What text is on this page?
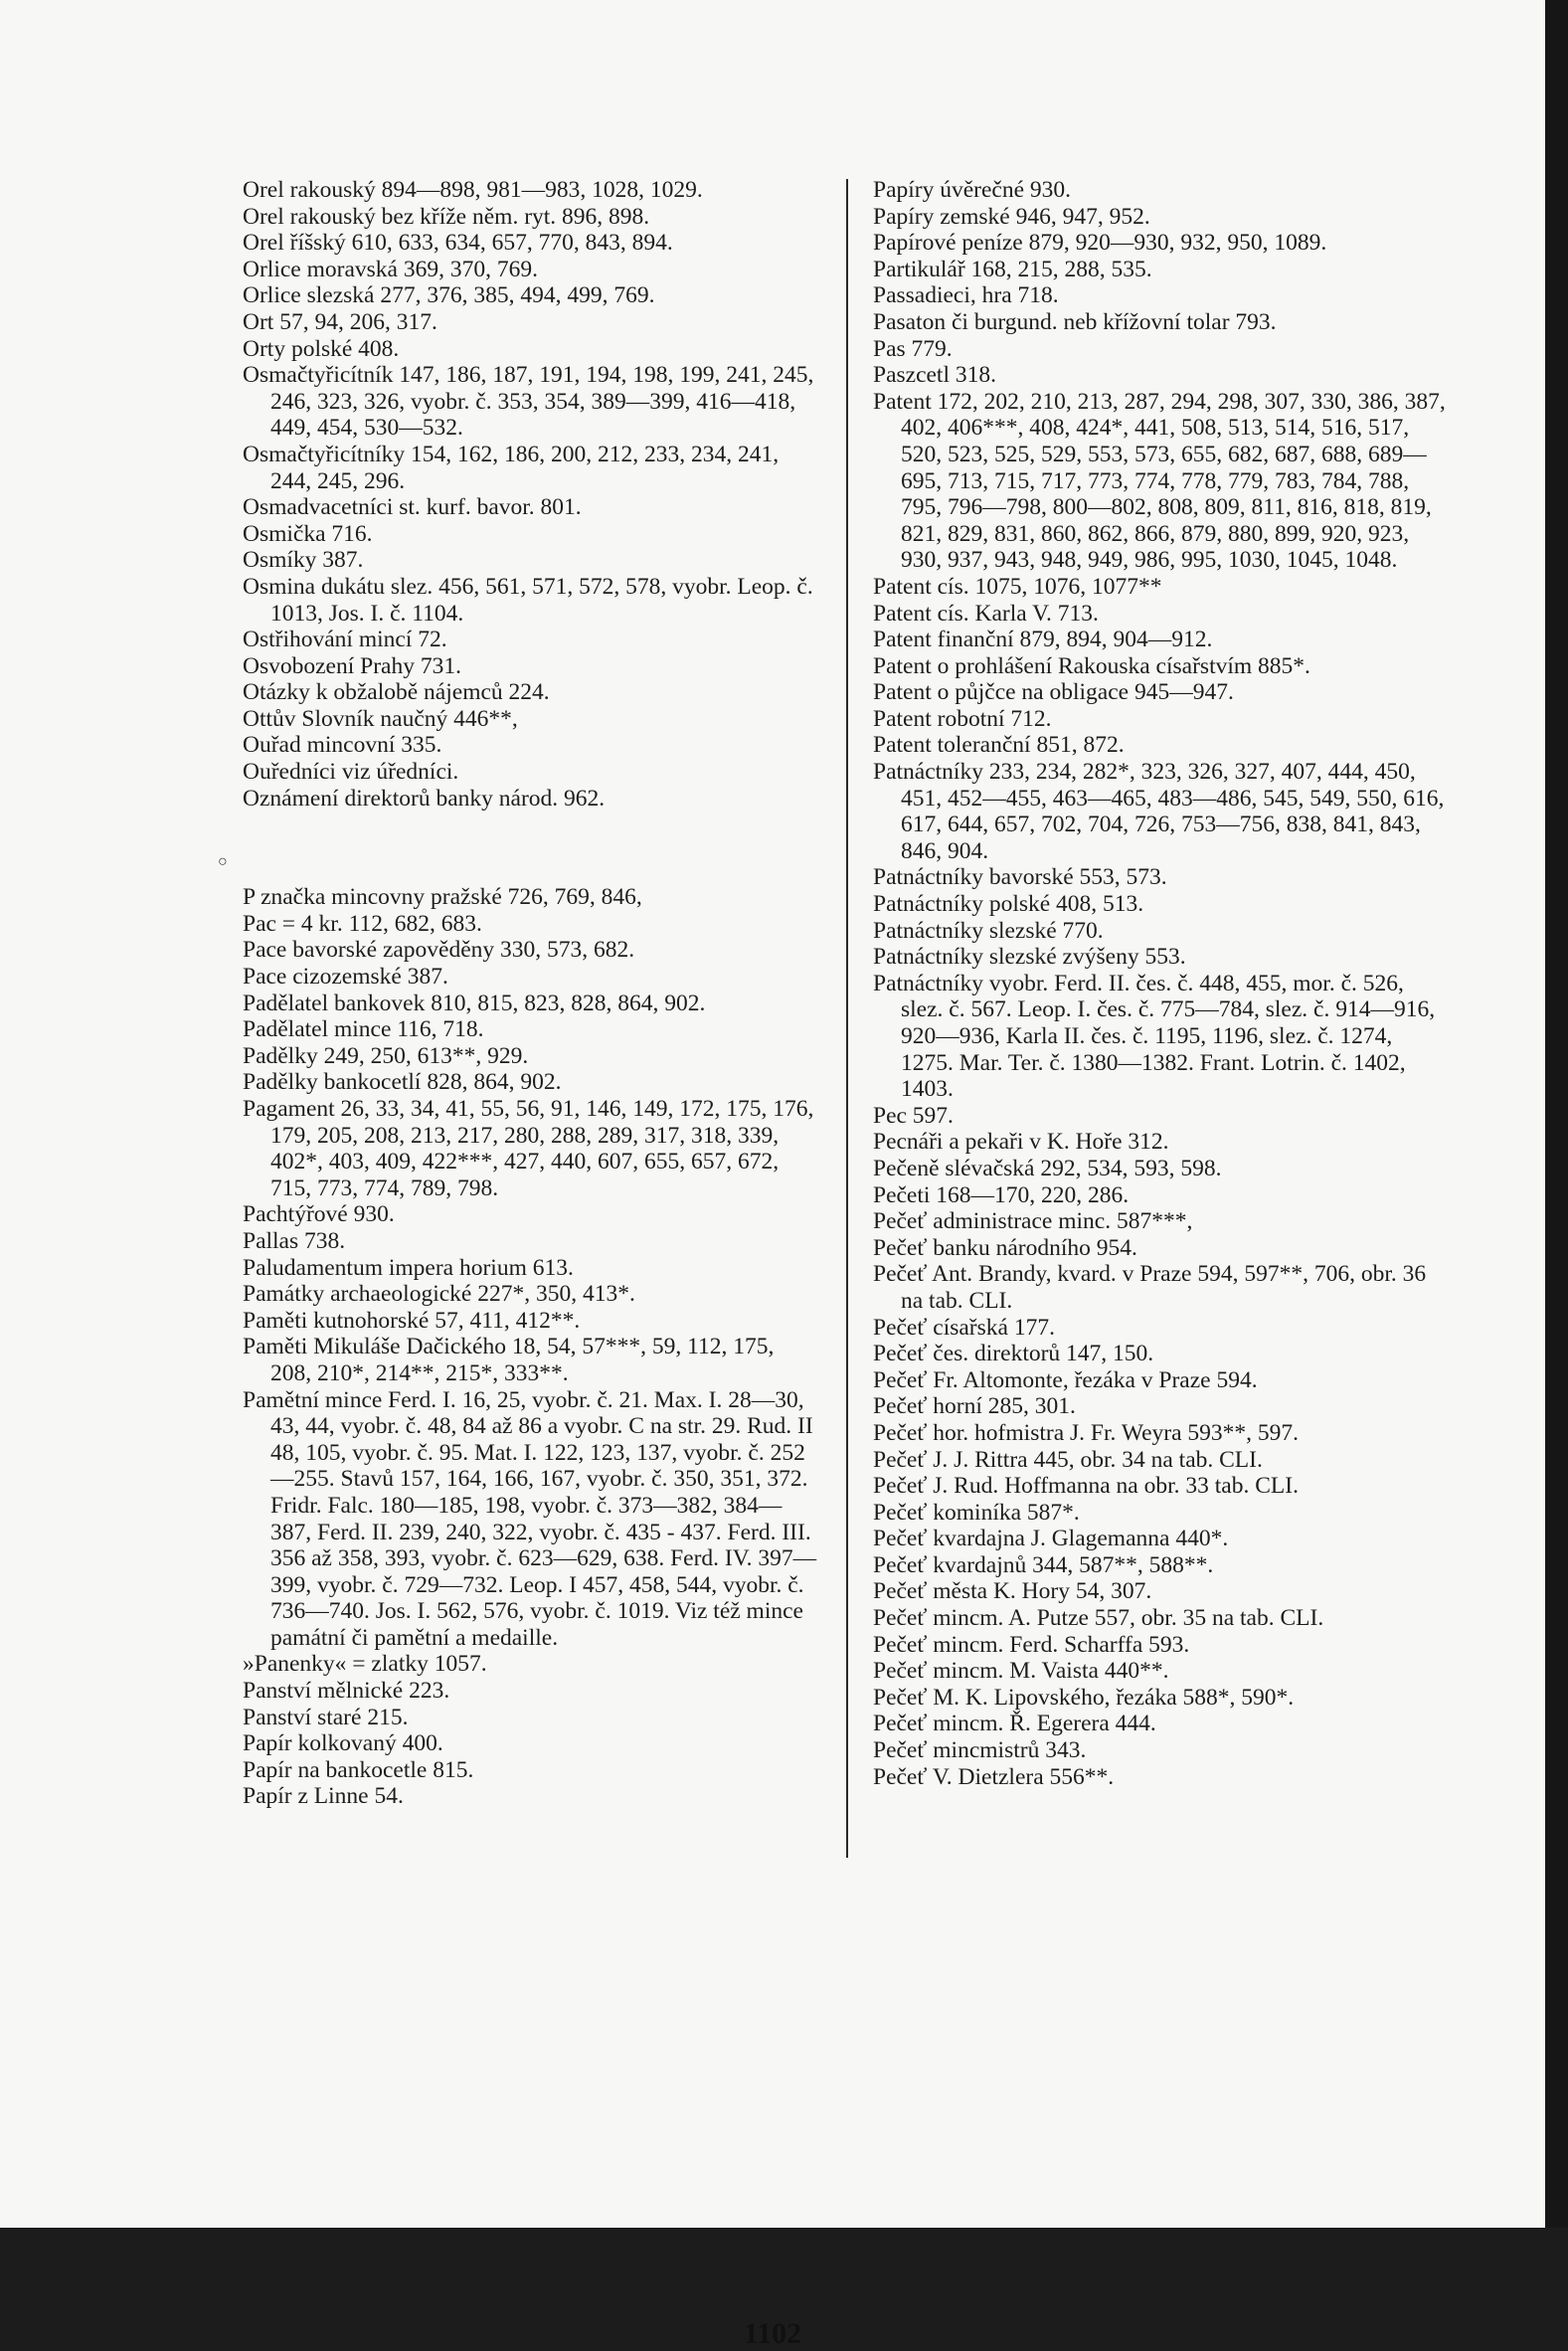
Orel rakouský 894—898, 981—983, 1028, 1029.

Orel rakouský bez kříže něm. ryt. 896, 898.

Orel říšský 610, 633, 634, 657, 770, 843, 894.

Orlice moravská 369, 370, 769.

Orlice slezská 277, 376, 385, 494, 499, 769.

Ort 57, 94, 206, 317.

Orty polské 408.

Osmačtyřicítník 147, 186, 187, 191, 194, 198, 199, 241, 245, 246, 323, 326, vyobr. č. 353, 354, 389—399, 416—418, 449, 454, 530—532.

Osmačtyřicítníky 154, 162, 186, 200, 212, 233, 234, 241, 244, 245, 296.

Osmadvacetníci st. kurf. bavor. 801.

Osmička 716.

Osmíky 387.

Osmina dukátu slez. 456, 561, 571, 572, 578, vyobr. Leop. č. 1013, Jos. I. č. 1104.

Ostřihování mincí 72.

Osvobození Prahy 731.

Otázky k obžalobě nájemců 224.

Ottův Slovník naučný 446**,

Ouřad mincovní 335.

Ouředníci viz úředníci.

Oznámení direktorů banky národ. 962.

P značka mincovny pražské 726, 769, 846,

Pac = 4 kr. 112, 682, 683.

Pace bavorské zapověděny 330, 573, 682.

Pace cizozemské 387.

Padělatel bankovek 810, 815, 823, 828, 864, 902.

Padělatel mince 116, 718.

Padělky 249, 250, 613**, 929.

Padělky bankocetlí 828, 864, 902.

Pagament 26, 33, 34, 41, 55, 56, 91, 146, 149, 172, 175, 176, 179, 205, 208, 213, 217, 280, 288, 289, 317, 318, 339, 402*, 403, 409, 422***, 427, 440, 607, 655, 657, 672, 715, 773, 774, 789, 798.

Pachtýřové 930.

Pallas 738.

Paludamentum impera horium 613.

Památky archaeologické 227*, 350, 413*.

Paměti kutnohorské 57, 411, 412**.

Paměti Mikuláše Dačického 18, 54, 57***, 59, 112, 175, 208, 210*, 214**, 215*, 333**.

Pamětní mince Ferd. I. 16, 25, vyobr. č. 21. Max. I. 28—30, 43, 44, vyobr. č. 48, 84 až 86 a vyobr. C na str. 29. Rud. II 48, 105, vyobr. č. 95. Mat. I. 122, 123, 137, vyobr. č. 252—255. Stavů 157, 164, 166, 167, vyobr. č. 350, 351, 372. Fridr. Falc. 180—185, 198, vyobr. č. 373—382, 384—387, Ferd. II. 239, 240, 322, vyobr. č. 435 - 437. Ferd. III. 356 až 358, 393, vyobr. č. 623—629, 638. Ferd. IV. 397—399, vyobr. č. 729—732. Leop. I 457, 458, 544, vyobr. č. 736—740. Jos. I. 562, 576, vyobr. č. 1019. Viz též mince památní či pamětní a medaille.

»Panenky« = zlatky 1057.

Panství mělnické 223.

Panství staré 215.

Papír kolkovaný 400.

Papír na bankocetle 815.

Papír z Linne 54.

Papíry úvěrečné 930.

Papíry zemské 946, 947, 952.

Papírové peníze 879, 920—930, 932, 950, 1089.

Partikulář 168, 215, 288, 535.

Passadieci, hra 718.

Pasaton či burgund. neb křížovní tolar 793.

Pas 779.

Paszcetl 318.

Patent 172, 202, 210, 213, 287, 294, 298, 307, 330, 386, 387, 402, 406***, 408, 424*, 441, 508, 513, 514, 516, 517, 520, 523, 525, 529, 553, 573, 655, 682, 687, 688, 689—695, 713, 715, 717, 773, 774, 778, 779, 783, 784, 788, 795, 796—798, 800—802, 808, 809, 811, 816, 818, 819, 821, 829, 831, 860, 862, 866, 879, 880, 899, 920, 923, 930, 937, 943, 948, 949, 986, 995, 1030, 1045, 1048.

Patent cís. 1075, 1076, 1077**

Patent cís. Karla V. 713.

Patent finanční 879, 894, 904—912.

Patent o prohlášení Rakouska císařstvím 885*.

Patent o půjčce na obligace 945—947.

Patent robotní 712.

Patent toleranční 851, 872.

Patnáctníky 233, 234, 282*, 323, 326, 327, 407, 444, 450, 451, 452—455, 463—465, 483—486, 545, 549, 550, 616, 617, 644, 657, 702, 704, 726, 753—756, 838, 841, 843, 846, 904.

Patnáctníky bavorské 553, 573.

Patnáctníky polské 408, 513.

Patnáctníky slezské 770.

Patnáctníky slezské zvýšeny 553.

Patnáctníky vyobr. Ferd. II. čes. č. 448, 455, mor. č. 526, slez. č. 567. Leop. I. čes. č. 775—784, slez. č. 914—916, 920—936, Karla II. čes. č. 1195, 1196, slez. č. 1274, 1275. Mar. Ter. č. 1380—1382. Frant. Lotrin. č. 1402, 1403.

Pec 597.

Pecnáři a pekaři v K. Hoře 312.

Pečeně slévačská 292, 534, 593, 598.

Pečeti 168—170, 220, 286.

Pečeť administrace minc. 587***,

Pečeť banku národního 954.

Pečeť Ant. Brandy, kvard. v Praze 594, 597**, 706, obr. 36 na tab. CLI.

Pečeť císařská 177.

Pečeť čes. direktorů 147, 150.

Pečeť Fr. Altomonte, řezáka v Praze 594.

Pečeť horní 285, 301.

Pečeť hor. hofmistra J. Fr. Weyra 593**, 597.

Pečeť J. J. Rittra 445, obr. 34 na tab. CLI.

Pečeť J. Rud. Hoffmanna na obr. 33 tab. CLI.

Pečeť kominíka 587*.

Pečeť kvardajna J. Glagemanna 440*.

Pečeť kvardajnů 344, 587**, 588**.

Pečeť města K. Hory 54, 307.

Pečeť mincm. A. Putze 557, obr. 35 na tab. CLI.

Pečeť mincm. Ferd. Scharffa 593.

Pečeť mincm. M. Vaista 440**.

Pečeť M. K. Lipovského, řezáka 588*, 590*.

Pečeť mincm. Ř. Egerera 444.

Pečeť mincmistrů 343.

Pečeť V. Dietzlera 556**.

○
1102
